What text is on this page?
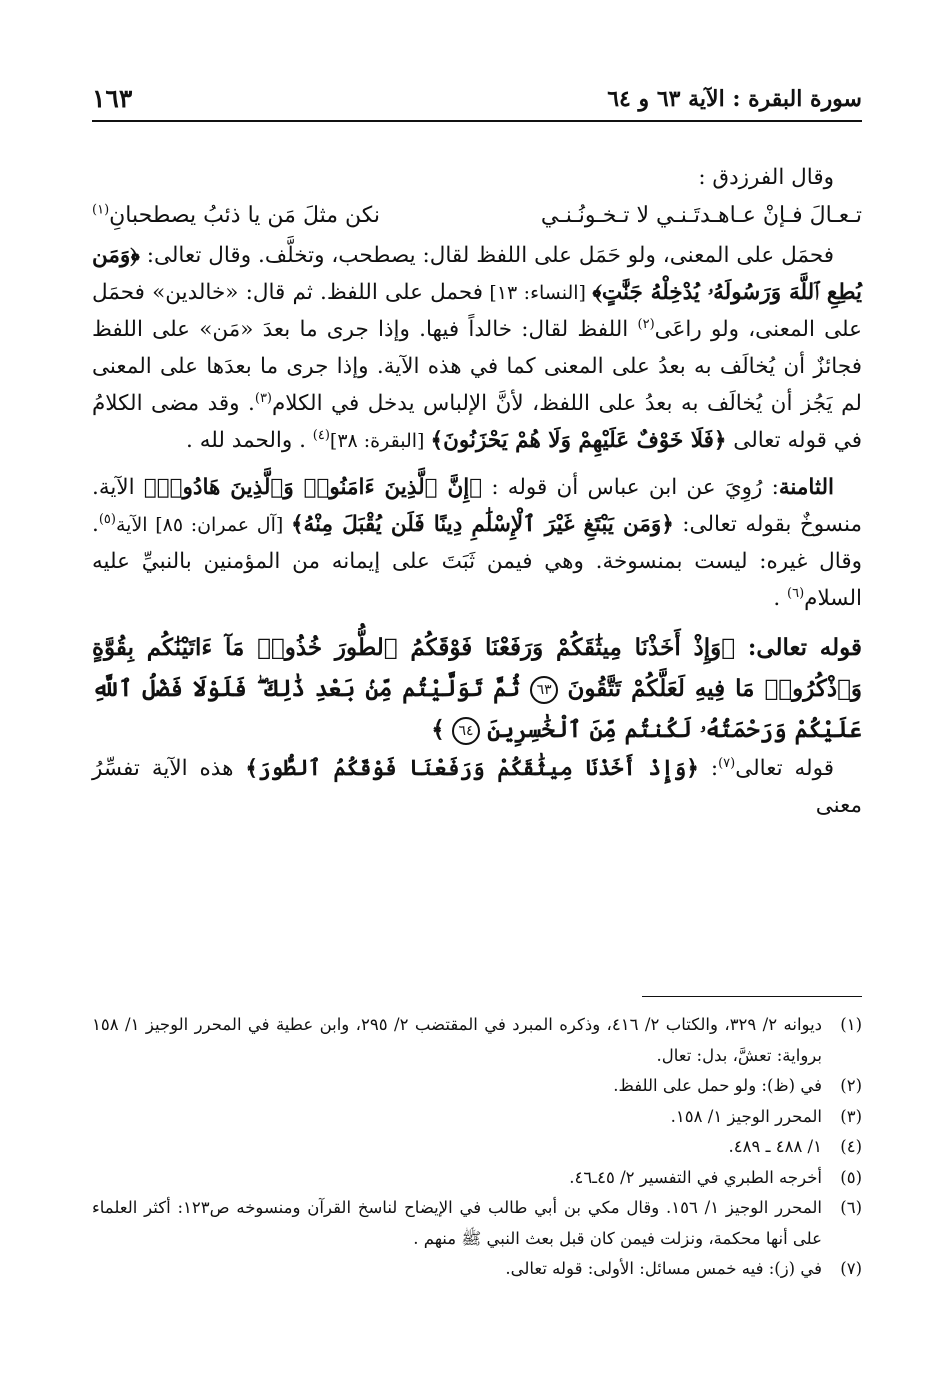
سورة البقرة : الآية ٦٣ و ٦٤
١٦٣

وقال الفرزدق :

تـعـالَ فـإنْ عـاهـدتَـنـي لا تـخـونُـنـي
نكن مثلَ مَن يا ذئبُ يصطحبانِ$^{(١)}$

فحمَل على المعنى، ولو حَمَل على اللفظ لقال: يصطحب، وتخلَّف. وقال تعالى: ﴿وَمَن يُطِعِ ٱللَّهَ وَرَسُولَهُۥ يُدْخِلْهُ جَنَّٰتٍ﴾ [النساء: ١٣] فحمل على اللفظ. ثم قال: «خالدين» فحمَل على المعنى، ولو راعَى$^{(٢)}$ اللفظ لقال: خالداً فيها. وإذا جرى ما بعدَ «مَن» على اللفظ فجائزٌ أن يُخالَف به بعدُ على المعنى كما في هذه الآية. وإذا جرى ما بعدَها على المعنى لم يَجُز أن يُخالَف به بعدُ على اللفظ، لأنَّ الإلباس يدخل في الكلام$^{(٣)}$. وقد مضى الكلامُ في قوله تعالى ﴿فَلَا خَوْفٌ عَلَيْهِمْ وَلَا هُمْ يَحْزَنُونَ﴾ [البقرة: ٣٨]$^{(٤)}$ . والحمد لله .

الثامنة: رُوِيَ عن ابن عباس أن قوله : ﴿إِنَّ ٱلَّذِينَ ءَامَنُوا۟ وَٱلَّذِينَ هَادُوا۟﴾ الآية. منسوخٌ بقوله تعالى: ﴿وَمَن يَبْتَغِ غَيْرَ ٱلْإِسْلَٰمِ دِينًا فَلَن يُقْبَلَ مِنْهُ﴾ [آل عمران: ٨٥] الآية$^{(٥)}$. وقال غيره: ليست بمنسوخة. وهي فيمن ثَبَتَ على إيمانه من المؤمنين بالنبيِّ عليه السلام$^{(٦)}$ .

قوله تعالى: ﴿وَإِذْ أَخَذْنَا مِيثَٰقَكُمْ وَرَفَعْنَا فَوْقَكُمُ ٱلطُّورَ خُذُوا۟ مَآ ءَاتَيْنَٰكُم بِقُوَّةٍ وَٱذْكُرُوا۟ مَا فِيهِ لَعَلَّكُمْ تَتَّقُونَ ٦٣ ثُمَّ تَوَلَّيْتُم مِّنۢ بَعْدِ ذَٰلِكَ ۖ فَلَوْلَا فَضْلُ ٱللَّهِ عَلَيْكُمْ وَرَحْمَتُهُۥ لَكُنتُم مِّنَ ٱلْخَٰسِرِينَ ٦٤ ﴾

قوله تعالى$^{(٧)}$: ﴿وَإِذْ أَخَذْنَا مِيثَٰقَكُمْ وَرَفَعْنَا فَوْقَكُمُ ٱلطُّورَ﴾ هذه الآية تفسِّرُ معنى

(١)
ديوانه ٢/ ٣٢٩، والكتاب ٢/ ٤١٦، وذكره المبرد في المقتضب ٢/ ٢٩٥، وابن عطية في المحرر الوجيز ١/ ١٥٨ برواية: تعشَّ، بدل: تعال.
(٢)
في (ظ): ولو حمل على اللفظ.
(٣)
المحرر الوجيز ١/ ١٥٨.
(٤)
١/ ٤٨٨ ـ ٤٨٩.
(٥)
أخرجه الطبري في التفسير ٢/ ٤٥ـ٤٦.
(٦)
المحرر الوجيز ١/ ١٥٦. وقال مكي بن أبي طالب في الإيضاح لناسخ القرآن ومنسوخه ص١٢٣: أكثر العلماء على أنها محكمة، ونزلت فيمن كان قبل بعث النبي ﷺ منهم .
(٧)
في (ز): فيه خمس مسائل: الأولى: قوله تعالى.
